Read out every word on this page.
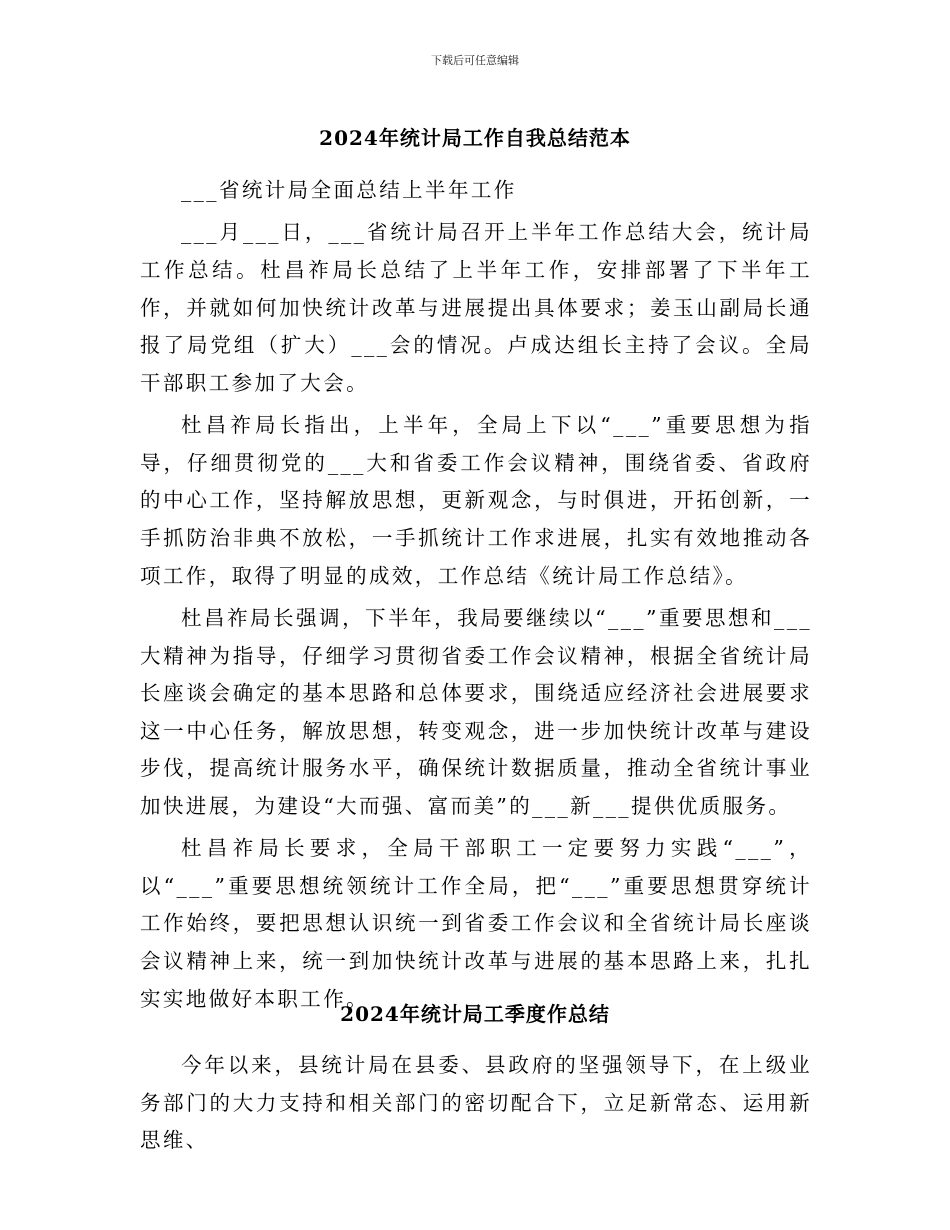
下载后可任意编辑
2024年统计局工作自我总结范本

___省统计局全面总结上半年工作

___月___日，___省统计局召开上半年工作总结大会，统计局工作总结。杜昌祚局长总结了上半年工作，安排部署了下半年工作，并就如何加快统计改革与进展提出具体要求；姜玉山副局长通报了局党组（扩大）___会的情况。卢成达组长主持了会议。全局干部职工参加了大会。

杜昌祚局长指出，上半年，全局上下以“___”重要思想为指导，仔细贯彻党的___大和省委工作会议精神，围绕省委、省政府的中心工作，坚持解放思想，更新观念，与时俱进，开拓创新，一手抓防治非典不放松，一手抓统计工作求进展，扎实有效地推动各项工作，取得了明显的成效，工作总结《统计局工作总结》。

杜昌祚局长强调，下半年，我局要继续以“___”重要思想和___大精神为指导，仔细学习贯彻省委工作会议精神，根据全省统计局长座谈会确定的基本思路和总体要求，围绕适应经济社会进展要求这一中心任务，解放思想，转变观念，进一步加快统计改革与建设步伐，提高统计服务水平，确保统计数据质量，推动全省统计事业加快进展，为建设“大而强、富而美”的___新___提供优质服务。

杜昌祚局长要求，全局干部职工一定要努力实践“___”，以“___”重要思想统领统计工作全局，把“___”重要思想贯穿统计工作始终，要把思想认识统一到省委工作会议和全省统计局长座谈会议精神上来，统一到加快统计改革与进展的基本思路上来，扎扎实实地做好本职工作。

2024年统计局工季度作总结

今年以来，县统计局在县委、县政府的坚强领导下，在上级业务部门的大力支持和相关部门的密切配合下，立足新常态、运用新思维、
